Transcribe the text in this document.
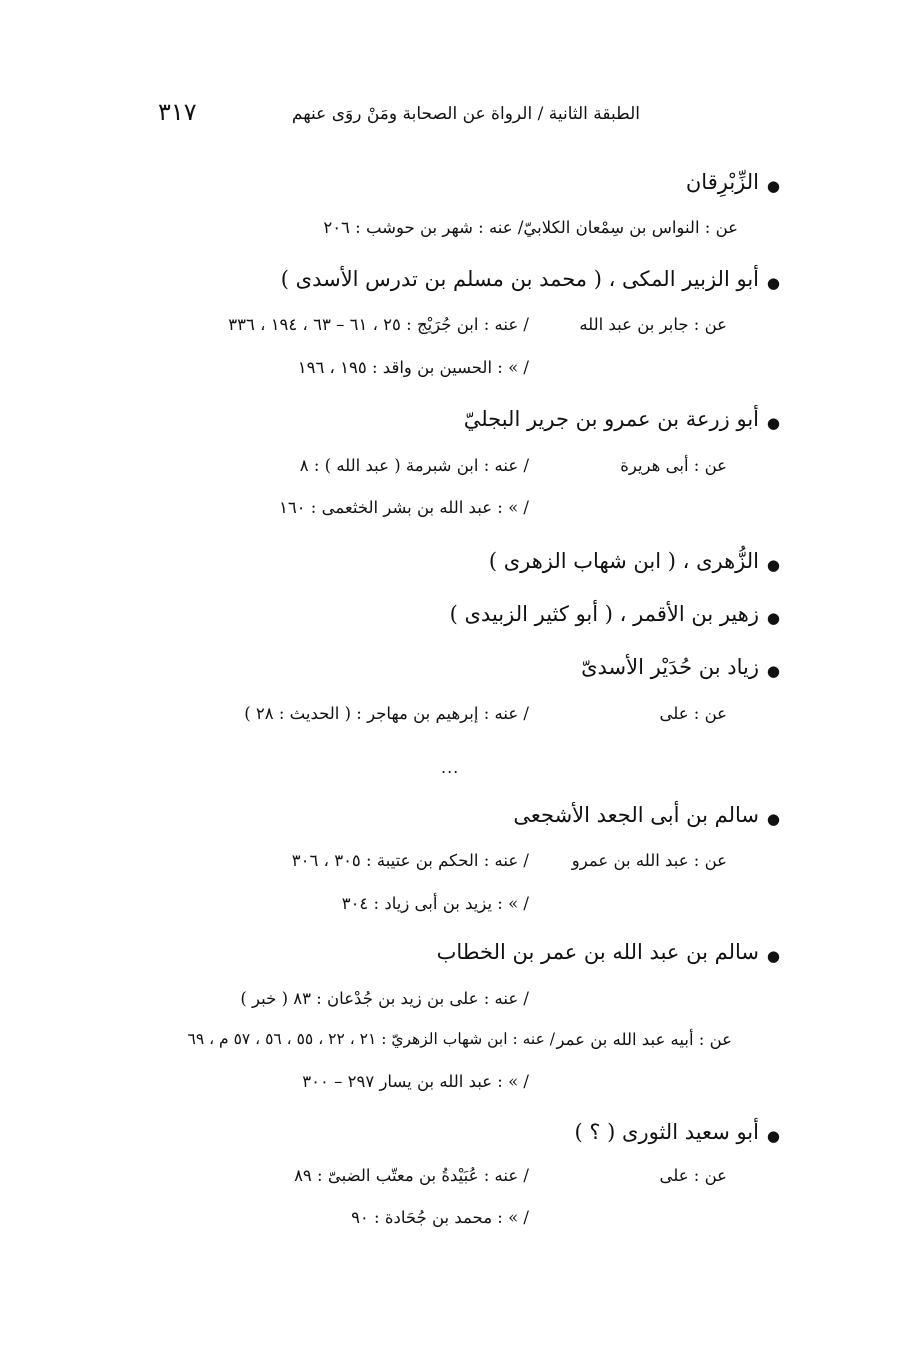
٣١٧	الطبقة الثانية / الرواة عن الصحابة ومَنْ روَى عنهم
●
الزِّبْرِقان
عن : النواس بن سِمْعان الكلابيّ/ عنه : شهر بن حوشب : ٢٠٦
●
أبو الزبير المكى ، ( محمد بن مسلم بن تدرس الأسدى )
عن : جابر بن عبد الله
/ عنه : ابن جُرَيْج : ٢٥ ، ٦١ – ٦٣ ، ١٩٤ ، ٣٣٦
/ » : الحسين بن واقد : ١٩٥ ، ١٩٦
●
أبو زرعة بن عمرو بن جرير البجليّ
عن : أبى هريرة
/ عنه : ابن شبرمة ( عبد الله ) : ٨
/ » : عبد الله بن بشر الخثعمى : ١٦٠
●
الزُّهرى ، ( ابن شهاب الزهرى )
●
زهير بن الأقمر ، ( أبو كثير الزبيدى )
●
زياد بن حُدَيْر الأسدىّ
عن : على
/ عنه : إبرهيم بن مهاجر : ( الحديث : ٢٨ )
...
●
سالم بن أبى الجعد الأشجعى
عن : عبد الله بن عمرو
/ عنه : الحكم بن عتيبة : ٣٠٥ ، ٣٠٦
/ » : يزيد بن أبى زياد : ٣٠٤
●
سالم بن عبد الله بن عمر بن الخطاب
/ عنه : على بن زيد بن جُدْعان : ٨٣ ( خبر )
عن : أبيه عبد الله بن عمر
/ عنه : ابن شهاب الزهريّ : ٢١ ، ٢٢ ، ٥٥ ، ٥٦ ، ٥٧ م ، ٦٩
/ » : عبد الله بن يسار ٢٩٧ – ٣٠٠
●
أبو سعيد الثورى ( ؟ )
عن : على
/ عنه : عُبَيْدةُ بن معتّب الضبىّ : ٨٩
/ » : محمد بن جُحَادة : ٩٠
